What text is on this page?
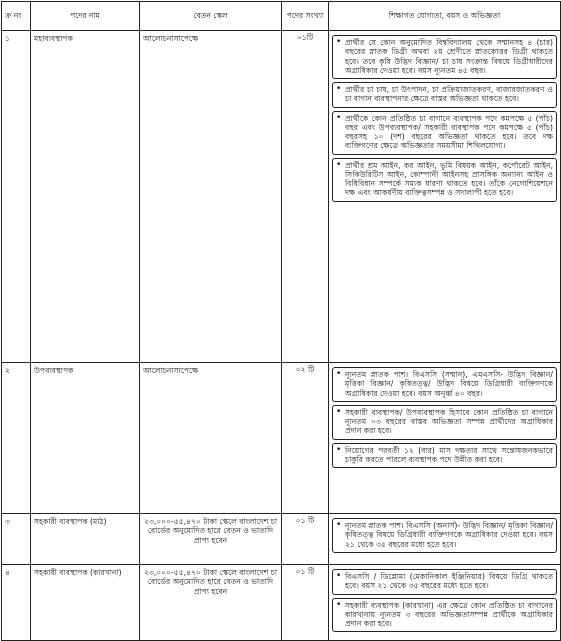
ক্র নং	পদের নাম	বেতন স্কেল	পদের সংখ্যা	শিক্ষাগত যোগ্যতা, বয়স ও অভিজ্ঞতা
১	মহাব্যবস্থাপক	আলোচনাসাপেক্ষে	০১টি	• প্রার্থীর যে কোন অনুমোদিত বিশ্ববিদ্যালয় থেকে সম্মানসহ ৪ (চার) বছরের স্নাতক ডিগ্রী অথবা ২য় শ্রেণীতে স্নাতকোত্তর ডিগ্রী থাকতে হবে। তবে কৃষি উদ্ভিদ বিজ্ঞান/ চা চাষ সংক্রান্ত বিষয়ে ডিগ্রীধারীদের অগ্রাধিকার দেওয়া হবে। বয়স ন্যূনতম ৪৫ বছর।
• প্রার্থীর চা চাষ, চা উৎপাদন, চা প্রক্রিয়াজাতকরণ, বাজারজাতকরণ ও চা বাগান ব্যবস্থাপনার ক্ষেত্রে বাস্তব অভিজ্ঞতা থাকতে হবে।
• প্রার্থীকে কোন প্রতিষ্ঠিত চা বাগানে ব্যবস্থাপক পদে কমপক্ষে ৫ (পাঁচ) বছর এবং উপব্যবস্থাপক/ সহকারী ব্যবস্থাপক পদে কমপক্ষে ৫ (পাঁচ) বছরসহ ১০ (দশ) বছরের অভিজ্ঞতা থাকতে হবে। তবে দক্ষ ব্যক্তিগণের ক্ষেত্রে অভিজ্ঞতার সময়সীমা শিথিলযোগ্য।
• প্রার্থীর শ্রম আইন, কর আইন, ভূমি বিষয়ক আইন, কর্পোরেট আইন, সিকিউরিটিস আইন, কোম্পানী আইনসহ প্রাসঙ্গিক অন্যান্য আইন ও বিধিবিধান সম্পর্কে সম্যক ধারণা থাকতে হবে। তাঁকে নেগোশিয়েশনে দক্ষ এবং আকর্ষণীয় ব্যক্তিত্বসম্পন্ন ও সদালাপী হতে হবে।

২	উপব্যবস্থাপক	আলোচনাসাপেক্ষে	০২ টি	• ন্যূনতম স্নাতক পাশ। বিএসসি (সম্মান), এমএসসি- উদ্ভিদ বিজ্ঞান/ মৃত্তিকা বিজ্ঞান/ কৃষিতত্ত্ব/ উদ্ভিদ বিষয়ে ডিগ্রিধারী ব্যক্তিগণকে অগ্রাধিকার দেওয়া হবে। বয়স অনূর্ধ্ব ৪০ বছর।
• সহকারী ব্যবস্থাপক/ উপব্যবস্থাপক হিসাবে কোন প্রতিষ্ঠিত চা বাগানে ন্যূনতম ০৩ বছরের বাস্তব অভিজ্ঞতা সম্পন্ন প্রার্থীদের অগ্রাধিকার প্রদান করা হবে।
• নিয়োগের পরবর্তী ১২ (বার) মাস দক্ষতার সাথে সন্তোষজনকভাবে চাকুরি করতে পারলে ব্যবস্থাপক পদে উন্নীত করা হবে।

৩	সহকারী ব্যবস্থাপক (মাঠ)	২৩,০০০-৫৫,৪৭০ টাকা স্কেলে বাংলাদেশ চা বোর্ডের অনুমোদিত হারে বেতন ও ভাতাদি প্রাপ্য হবেন	০১ টি	• ন্যূনতম স্নাতক পাশ। বিএসসি (অনার্স)- উদ্ভিদ বিজ্ঞান/ মৃত্তিকা বিজ্ঞান/ কৃষিতত্ত্ব বিষয়ে ডিগ্রিধারী ব্যক্তিগণকে অগ্রাধিকার দেওয়া হবে। বয়স ২১ থেকে ৩৫ বছরের মধ্যে হতে হবে।

৪	সহকারী ব্যবস্থাপক (কারখানা)	২৩,০০০-৫৫,৪৭০ টাকা স্কেলে বাংলাদেশ চা বোর্ডের অনুমোদিত হারে বেতন ও ভাতাদি প্রাপ্য হবেন	০১ টি	• বিএসসি / ডিপ্লোমা (মেকানিকাল ইঞ্জিনিয়ার) বিষয়ে ডিগ্রি থাকতে হবে। বয়স ২১ থেকে ৩৫ বছরের মধ্যে হতে হবে।
• সহকারী ব্যবস্থাপক (কারখানা) এর ক্ষেত্রে কোন প্রতিষ্ঠিত চা বাগানের কারখানায় ন্যূনতম ৩ বছরের অভিজ্ঞতাসম্পন্ন প্রার্থীকে অগ্রাধিকার প্রদান করা হবে।
